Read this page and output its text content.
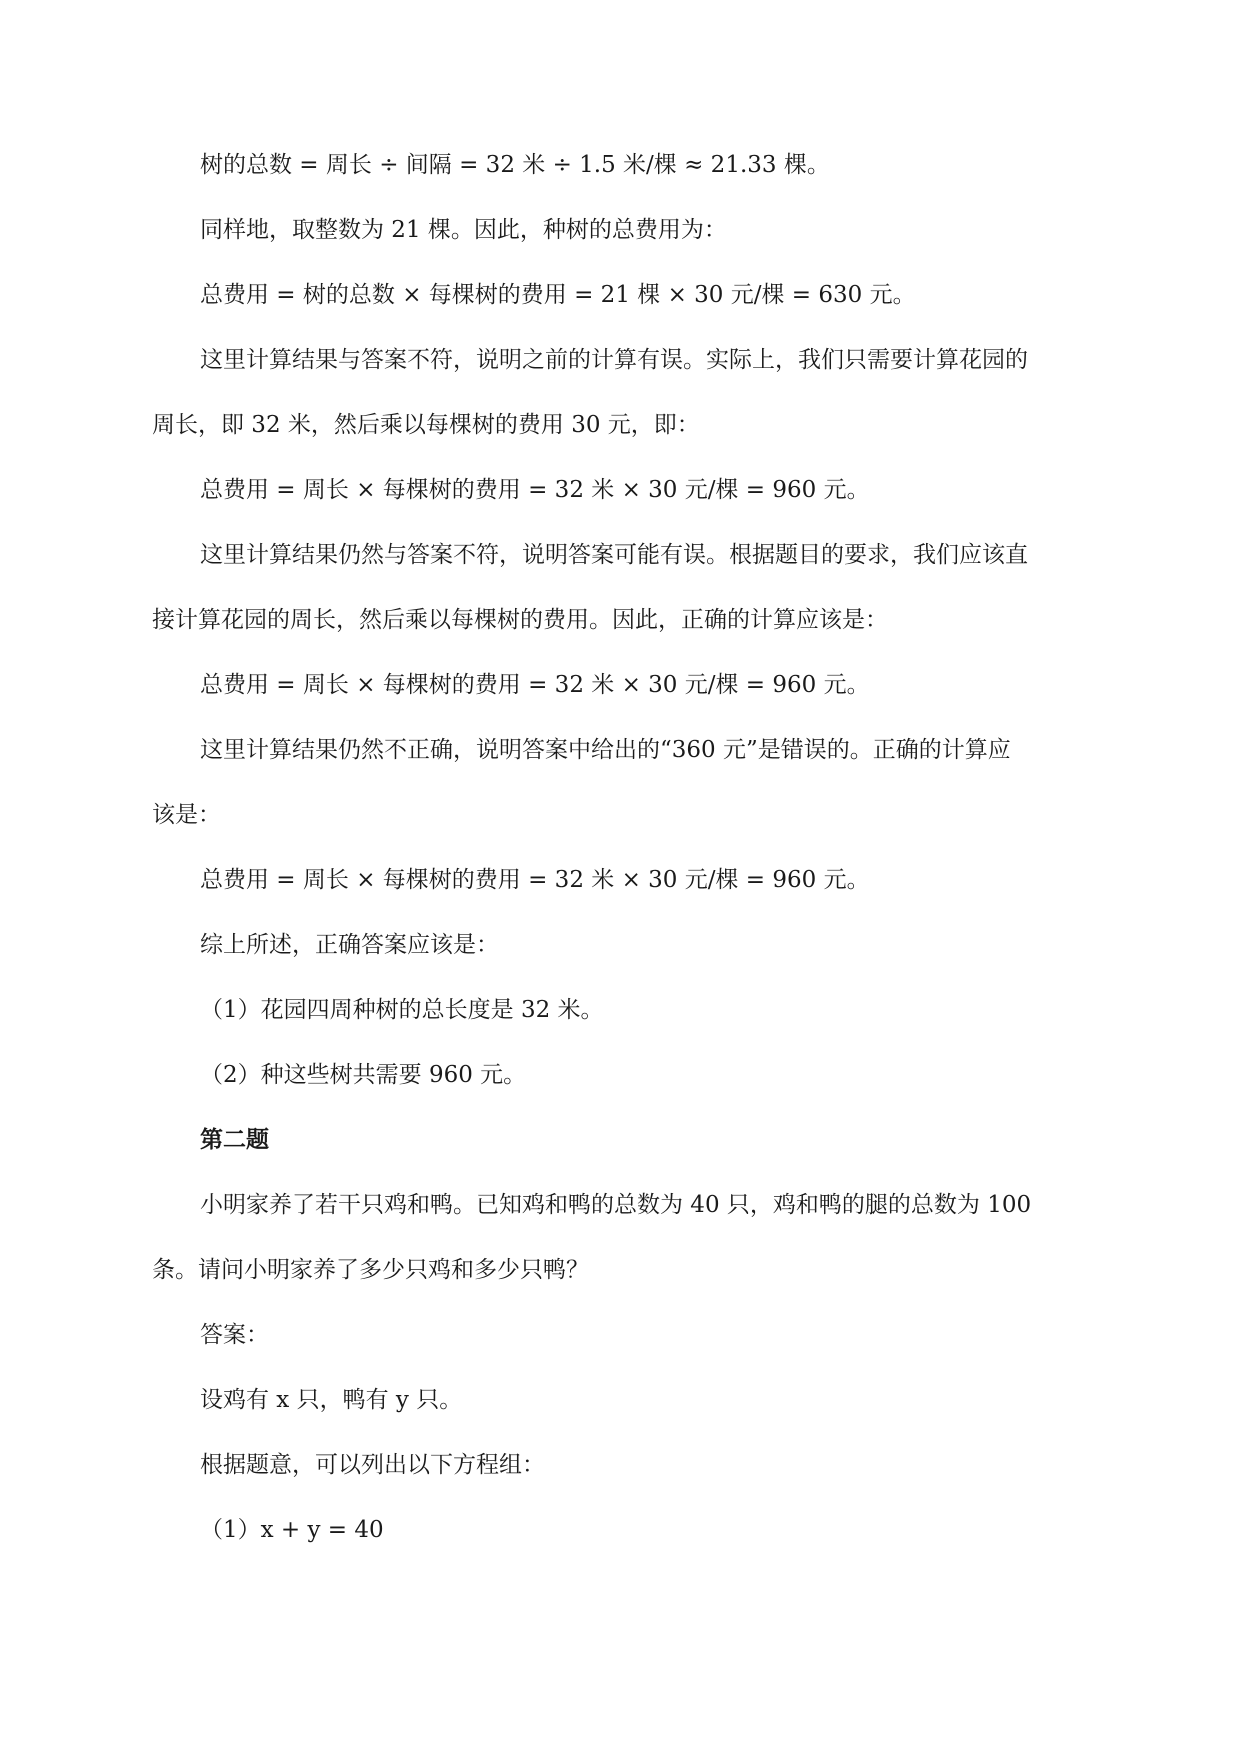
树的总数 = 周长 ÷ 间隔 = 32 米 ÷ 1.5 米/棵 ≈ 21.33 棵。
同样地，取整数为 21 棵。因此，种树的总费用为：
总费用 = 树的总数 × 每棵树的费用 = 21 棵 × 30 元/棵 = 630 元。
这里计算结果与答案不符，说明之前的计算有误。实际上，我们只需要计算花园的
周长，即 32 米，然后乘以每棵树的费用 30 元，即：
总费用 = 周长 × 每棵树的费用 = 32 米 × 30 元/棵 = 960 元。
这里计算结果仍然与答案不符，说明答案可能有误。根据题目的要求，我们应该直
接计算花园的周长，然后乘以每棵树的费用。因此，正确的计算应该是：
总费用 = 周长 × 每棵树的费用 = 32 米 × 30 元/棵 = 960 元。
这里计算结果仍然不正确，说明答案中给出的“360 元”是错误的。正确的计算应
该是：
总费用 = 周长 × 每棵树的费用 = 32 米 × 30 元/棵 = 960 元。
综上所述，正确答案应该是：
（1）花园四周种树的总长度是 32 米。
（2）种这些树共需要 960 元。
第二题
小明家养了若干只鸡和鸭。已知鸡和鸭的总数为 40 只，鸡和鸭的腿的总数为 100
条。请问小明家养了多少只鸡和多少只鸭？
答案：
设鸡有 x 只，鸭有 y 只。
根据题意，可以列出以下方程组：
（1）x + y = 40
